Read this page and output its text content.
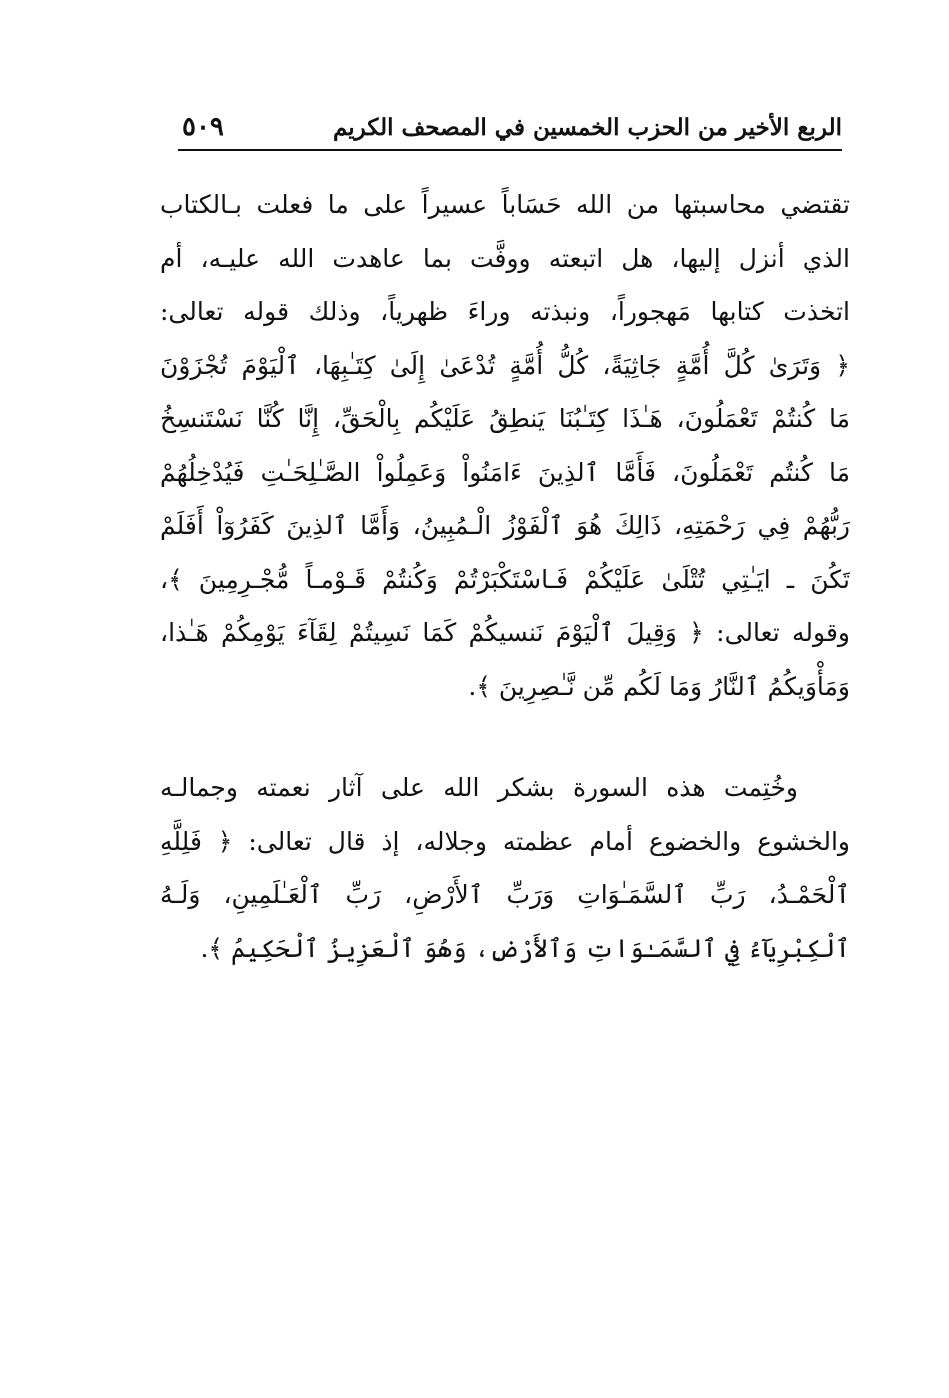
الربع الأخير من الحزب الخمسين في المصحف الكريم
٥٠٩
تقتضي محاسبتها من الله حَسَاباً عسيراً على ما فعلت بـالكتاب
الذي أنزل إليها، هل اتبعته ووفَّت بما عاهدت الله عليـه، أم
اتخذت كتابها مَهجوراً، ونبذته وراءَ ظهرياً، وذلك قوله تعالى:
﴿ وَتَرَىٰ كُلَّ أُمَّةٍ جَاثِيَةً، كُلُّ أُمَّةٍ تُدْعَىٰ إِلَىٰ كِتَـٰبِهَا، ٱلْيَوْمَ تُجْزَوْنَ
مَا كُنتُمْ تَعْمَلُونَ، هَـٰذَا كِتَـٰبُنَا يَنطِقُ عَلَيْكُم بِالْحَقِّ، إِنَّا كُنَّا نَسْتَنسِخُ
مَا كُنتُم تَعْمَلُونَ، فَأَمَّا ٱلذِينَ ءَامَنُواْ وَعَمِلُواْ الصَّـٰلِحَـٰتِ فَيُدْخِلُهُمْ
رَبُّهُمْ فِي رَحْمَتِهِ، ذَالِكَ هُوَ ٱلْفَوْزُ الْـمُبِينُ، وَأَمَّا ٱلذِينَ كَفَرُوٓاْ أَفَلَمْ
تَكُنَ ـ ايَـٰتِي تُتْلَىٰ عَلَيْكُمْ فَـاسْتَكْبَرْتُمْ وَكُنتُمْ قَـوْمـاً مُّجْـرِمِينَ ﴾،
وقوله تعالى: ﴿ وَقِيلَ ٱلْيَوْمَ نَنسيكُمْ كَمَا نَسِيتُمْ لِقَآءَ يَوْمِكُمْ هَـٰذا،
وَمَأْوَيكُمُ ٱلنَّارُ وَمَا لَكُم مِّن نَّـٰصِرِينَ ﴾.
وخُتِمت هذه السورة بشكر الله على آثار نعمته وجمالـه
والخشوع والخضوع أمام عظمته وجلاله، إذ قال تعالى: ﴿ فَلِلَّهِ
ٱلْحَمْـدُ، رَبِّ ٱلسَّمَـٰوَاتِ وَرَبِّ ٱلأَرْضِ، رَبِّ ٱلْعَـٰلَمِينِ، وَلَـهُ
ٱلْكِبْرِيَآءُ فِي ٱلسَّمَـٰوَاتِ وَٱلأَرْضِ، وَهُوَ ٱلْعَزِيزُ ٱلْحَكِيمُ ﴾.
